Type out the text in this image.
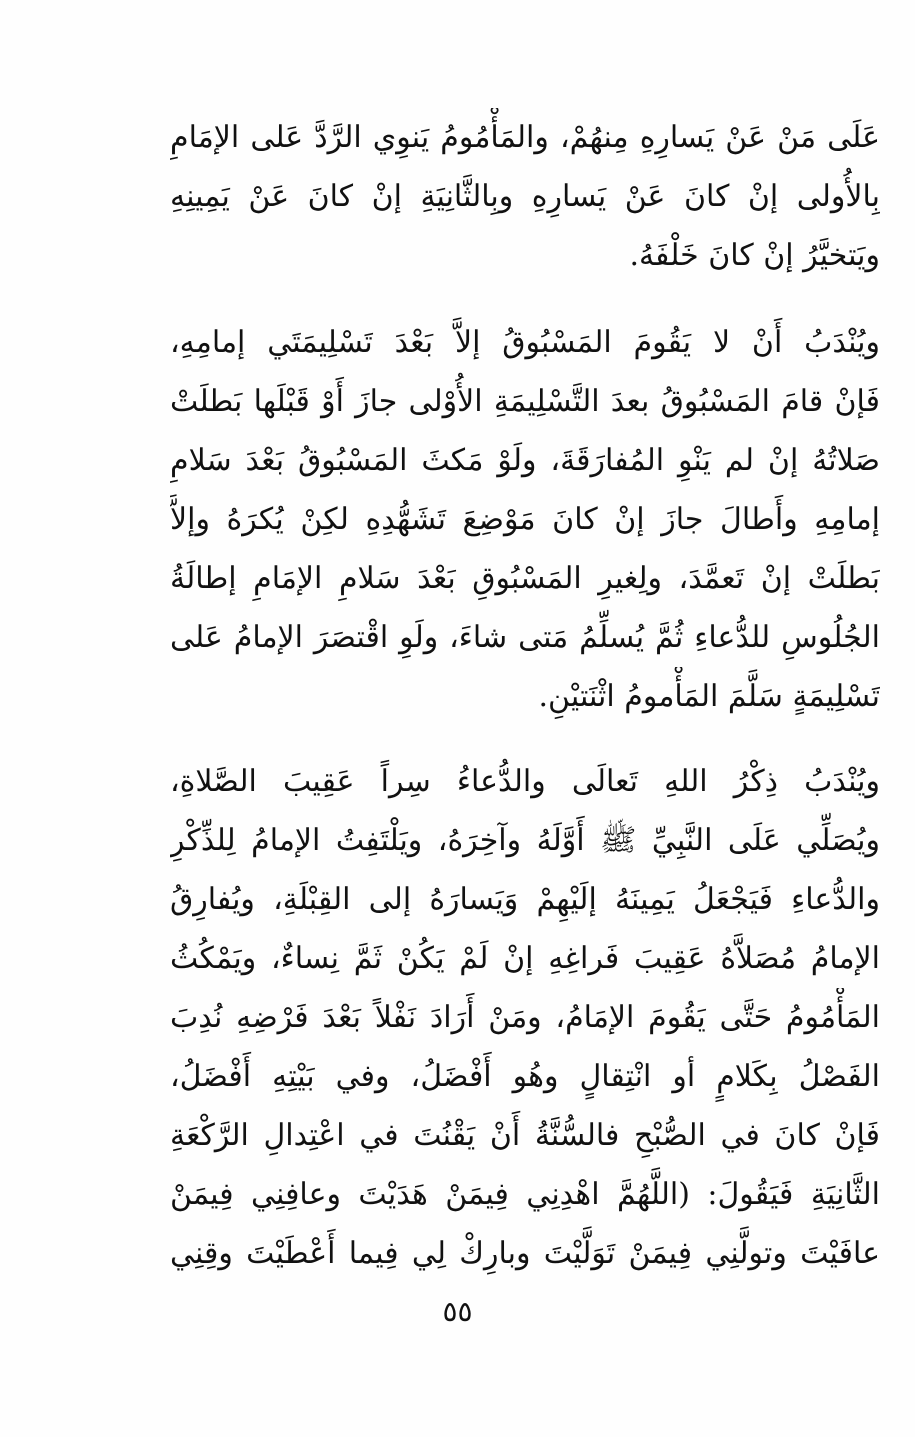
عَلَى مَنْ عَنْ يَسارِهِ مِنهُمْ، والمَأْمُومُ يَنوِي الرَّدَّ عَلى الإمَامِ
بِالأُولى إنْ كانَ عَنْ يَسارِهِ وبِالثَّانِيَةِ إنْ كانَ عَنْ يَمِينِهِ
ويَتخيَّرُ إنْ كانَ خَلْفَهُ.
ويُنْدَبُ أَنْ لا يَقُومَ المَسْبُوقُ إلاَّ بَعْدَ تَسْلِيمَتَي إمامِهِ،
فَإنْ قامَ المَسْبُوقُ بعدَ التَّسْلِيمَةِ الأُوْلى جازَ أَوْ قَبْلَها بَطلَتْ
صَلاتُهُ إنْ لم يَنْوِ المُفارَقَةَ، ولَوْ مَكثَ المَسْبُوقُ بَعْدَ سَلامِ
إمامِهِ وأَطالَ جازَ إنْ كانَ مَوْضِعَ تَشَهُّدِهِ لكِنْ يُكرَهُ وإلاَّ
بَطلَتْ إنْ تَعمَّدَ، ولِغيرِ المَسْبُوقِ بَعْدَ سَلامِ الإمَامِ إطالَةُ
الجُلُوسِ للدُّعاءِ ثُمَّ يُسلِّمُ مَتى شاءَ، ولَوِ اقْتصَرَ الإمامُ عَلى
تَسْلِيمَةٍ سَلَّمَ المَأْمومُ اثْنَتيْنِ.
ويُنْدَبُ ذِكْرُ اللهِ تَعالَى والدُّعاءُ سِراً عَقِيبَ الصَّلاةِ،
ويُصَلِّي عَلَى النَّبِيِّ ﷺ أَوَّلَهُ وآخِرَهُ، ويَلْتَفِتُ الإمامُ لِلذِّكْرِ
والدُّعاءِ فَيَجْعَلُ يَمِينَهُ إلَيْهِمْ وَيَسارَهُ إلى القِبْلَةِ، ويُفارِقُ
الإمامُ مُصَلاَّهُ عَقِيبَ فَراغِهِ إنْ لَمْ يَكُنْ ثَمَّ نِساءٌ، ويَمْكُثُ
المَأْمُومُ حَتَّى يَقُومَ الإمَامُ، ومَنْ أَرَادَ نَفْلاً بَعْدَ فَرْضِهِ نُدِبَ
الفَصْلُ بِكَلامٍ أو انْتِقالٍ وهُو أَفْضَلُ، وفي بَيْتِهِ أَفْضَلُ،
فَإنْ كانَ في الصُّبْحِ فالسُّنَّةُ أَنْ يَقْنُتَ في اعْتِدالِ الرَّكْعَةِ
الثَّانِيَةِ فَيَقُولَ: (اللَّهُمَّ اهْدِنِي فِيمَنْ هَدَيْتَ وعافِنِي فِيمَنْ
عافَيْتَ وتولَّنِي فِيمَنْ تَوَلَّيْتَ وبارِكْ لِي فِيما أَعْطَيْتَ وقِنِي
٥٥
